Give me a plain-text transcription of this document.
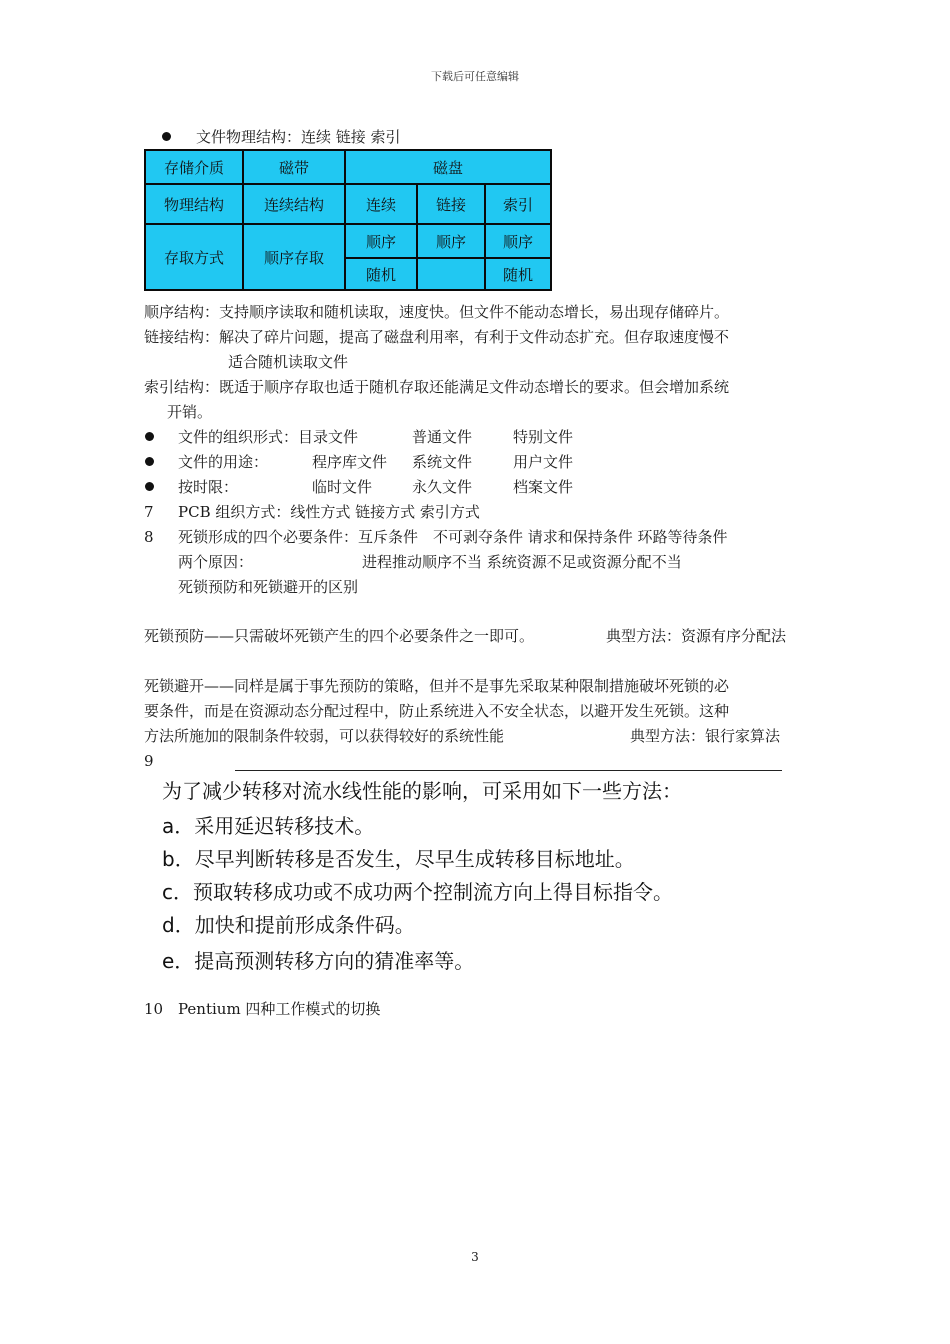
下载后可任意编辑
文件物理结构：连续 链接 索引
存储介质	磁带	磁盘		
物理结构	连续结构	连续	链接	索引
存取方式	顺序存取	顺序	顺序	顺序
		随机		随机
顺序结构：支持顺序读取和随机读取，速度快。但文件不能动态增长，易出现存储碎片。
链接结构：解决了碎片问题，提高了磁盘利用率，有利于文件动态扩充。但存取速度慢不
适合随机读取文件
索引结构：既适于顺序存取也适于随机存取还能满足文件动态增长的要求。但会增加系统
开销。
文件的组织形式：目录文件	普通文件	特别文件
文件的用途：	程序库文件 系统文件	用户文件
按时限：	临时文件	永久文件	档案文件
7 PCB 组织方式：线性方式 链接方式 索引方式
8 死锁形成的四个必要条件：互斥条件　不可剥夺条件 请求和保持条件 环路等待条件
两个原因：	进程推动顺序不当 系统资源不足或资源分配不当
死锁预防和死锁避开的区别
死锁预防——只需破坏死锁产生的四个必要条件之一即可。	典型方法：资源有序分配法
死锁避开——同样是属于事先预防的策略，但并不是事先采取某种限制措施破坏死锁的必
要条件，而是在资源动态分配过程中，防止系统进入不安全状态，以避开发生死锁。这种
方法所施加的限制条件较弱，可以获得较好的系统性能	典型方法：银行家算法
9
为了减少转移对流水线性能的影响，可采用如下一些方法：
a．采用延迟转移技术。
b．尽早判断转移是否发生，尽早生成转移目标地址。
c．预取转移成功或不成功两个控制流方向上得目标指令。
d．加快和提前形成条件码。
e．提高预测转移方向的猜准率等。
10 Pentium 四种工作模式的切换
3
